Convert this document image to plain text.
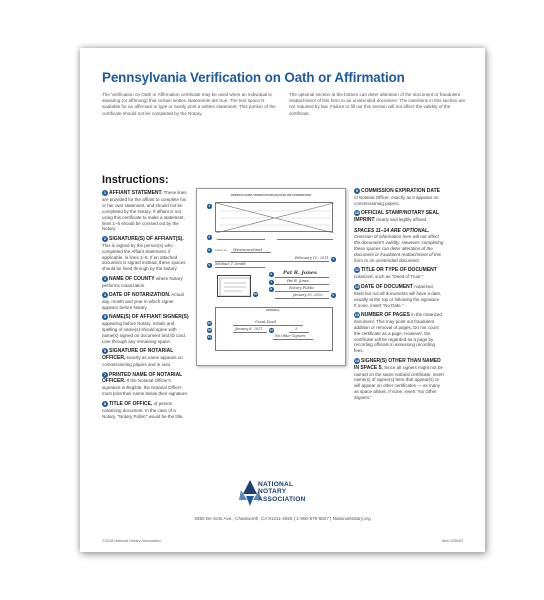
Pennsylvania Verification on Oath or Affirmation
The Verification on Oath or Affirmation certificate may be used when an individual is swearing (or affirming) that certain written statements are true. The text space is available for an affirmant to type or neatly print a written statement. This portion of the certificate should not be completed by the Notary.
The optional section at the bottom can deter alteration of the document or fraudulent reattachment of this form to an unintended document. The insertions in this section are not required by law. Failure to fill out this section will not affect the validity of the certificate.
Instructions:
1 AFFIANT STATEMENT. These lines are provided for the affiant to complete his or her own statement, and should not be completed by the Notary. If affiant is not using this certificate to make a statement, lines 1–6 should be crossed out by the Notary.
2 SIGNATURE(S) OF AFFIANT(S). This is signed by the person(s) who completed the Affiant Statement, if applicable, in lines 1–5. If an attached document is signed instead, these spaces should be lined through by the Notary.
3 NAME OF COUNTY where Notary performs notarization.
4 DATE OF NOTARIZATION. Actual day, month and year in which signer appears before Notary.
5 NAME(S) OF AFFIANT SIGNER(S) appearing before Notary. Initials and spelling of name(s) should agree with name(s) signed on document and ID card. Line through any remaining space.
6 SIGNATURE OF NOTARIAL OFFICER, exactly as name appears on commissioning papers and in seal.
7 PRINTED NAME OF NOTARIAL OFFICER. If the Notarial Officer's signature is illegible, the Notarial Officer must print their name below their signature.
8 TITLE OF OFFICE, of person notarizing document. In the case of a Notary, "Notary Public" would be the title.
PENNSYLVANIA VERIFICATION ON OATH OR AFFIRMATION
1
2
3	County of Westmoreland
4
February 10, 2011
5	Michael T. Smith
10
6 Pat R. Jones
7	Pat R. Jones
8	Notary Public
9
January 30, 2020
OPTIONAL
11	Grant Deed
12	January 8, 2011 13	3
14	No Other Signers
9 COMMISSION EXPIRATION DATE of Notarial Officer, exactly as it appears on commissioning papers.
10 OFFICIAL STAMP/NOTARY SEAL IMPRINT clearly and legibly affixed.
SPACES 11–14 ARE OPTIONAL. Omission of information here will not affect the document's validity. However, completing these spaces can deter alteration of the document or fraudulent reattachment of this form to an unintended document.
11 TITLE OR TYPE OF DOCUMENT notarized, such as "Deed of Trust."
12 DATE OF DOCUMENT notarized. Most but not all documents will have a date, usually at the top or following the signature. If none, insert "No Date."
13 NUMBER OF PAGES in the notarized document. This may point out fraudulent addition or removal of pages. Do not count the certificate as a page. However, the certificate will be regarded as a page by recording officials in assessing recording fees.
14 SIGNER(S) OTHER THAN NAMED IN SPACE 5. Since all signers might not be named on the same notarial certificate, insert name(s) of signer(s) here that appear(s) or will appear on other certificates — as many as space allows. If none, insert "No Other Signers."
NATIONAL
NOTARY
ASSOCIATION
9350 De Soto Ave., Chatsworth, CA 91311-4926 | 1-800-876-6827 | NationalNotary.org
©2018 National Notary Association	Item #25063
